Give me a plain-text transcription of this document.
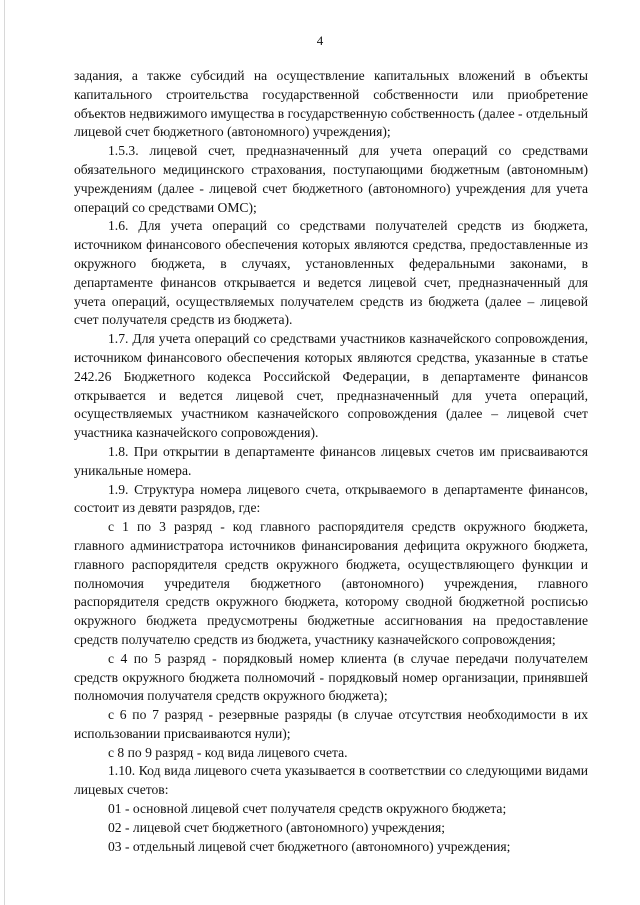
4

задания, а также субсидий на осуществление капитальных вложений в объекты капитального строительства государственной собственности или приобретение объектов недвижимого имущества в государственную собственность (далее - отдельный лицевой счет бюджетного (автономного) учреждения);

1.5.3. лицевой счет, предназначенный для учета операций со средствами обязательного медицинского страхования, поступающими бюджетным (автономным) учреждениям (далее - лицевой счет бюджетного (автономного) учреждения для учета операций со средствами ОМС);

1.6. Для учета операций со средствами получателей средств из бюджета, источником финансового обеспечения которых являются средства, предоставленные из окружного бюджета, в случаях, установленных федеральными законами, в департаменте финансов открывается и ведется лицевой счет, предназначенный для учета операций, осуществляемых получателем средств из бюджета (далее – лицевой счет получателя средств из бюджета).

1.7. Для учета операций со средствами участников казначейского сопровождения, источником финансового обеспечения которых являются средства, указанные в статье 242.26 Бюджетного кодекса Российской Федерации, в департаменте финансов открывается и ведется лицевой счет, предназначенный для учета операций, осуществляемых участником казначейского сопровождения (далее – лицевой счет участника казначейского сопровождения).

1.8. При открытии в департаменте финансов лицевых счетов им присваиваются уникальные номера.

1.9. Структура номера лицевого счета, открываемого в департаменте финансов, состоит из девяти разрядов, где:

с 1 по 3 разряд - код главного распорядителя средств окружного бюджета, главного администратора источников финансирования дефицита окружного бюджета, главного распорядителя средств окружного бюджета, осуществляющего функции и полномочия учредителя бюджетного (автономного) учреждения, главного распорядителя средств окружного бюджета, которому сводной бюджетной росписью окружного бюджета предусмотрены бюджетные ассигнования на предоставление средств получателю средств из бюджета, участнику казначейского сопровождения;

с 4 по 5 разряд - порядковый номер клиента (в случае передачи получателем средств окружного бюджета полномочий - порядковый номер организации, принявшей полномочия получателя средств окружного бюджета);

с 6 по 7 разряд - резервные разряды (в случае отсутствия необходимости в их использовании присваиваются нули);

с 8 по 9 разряд - код вида лицевого счета.

1.10. Код вида лицевого счета указывается в соответствии со следующими видами лицевых счетов:

01 - основной лицевой счет получателя средств окружного бюджета;

02 - лицевой счет бюджетного (автономного) учреждения;

03 - отдельный лицевой счет бюджетного (автономного) учреждения;
